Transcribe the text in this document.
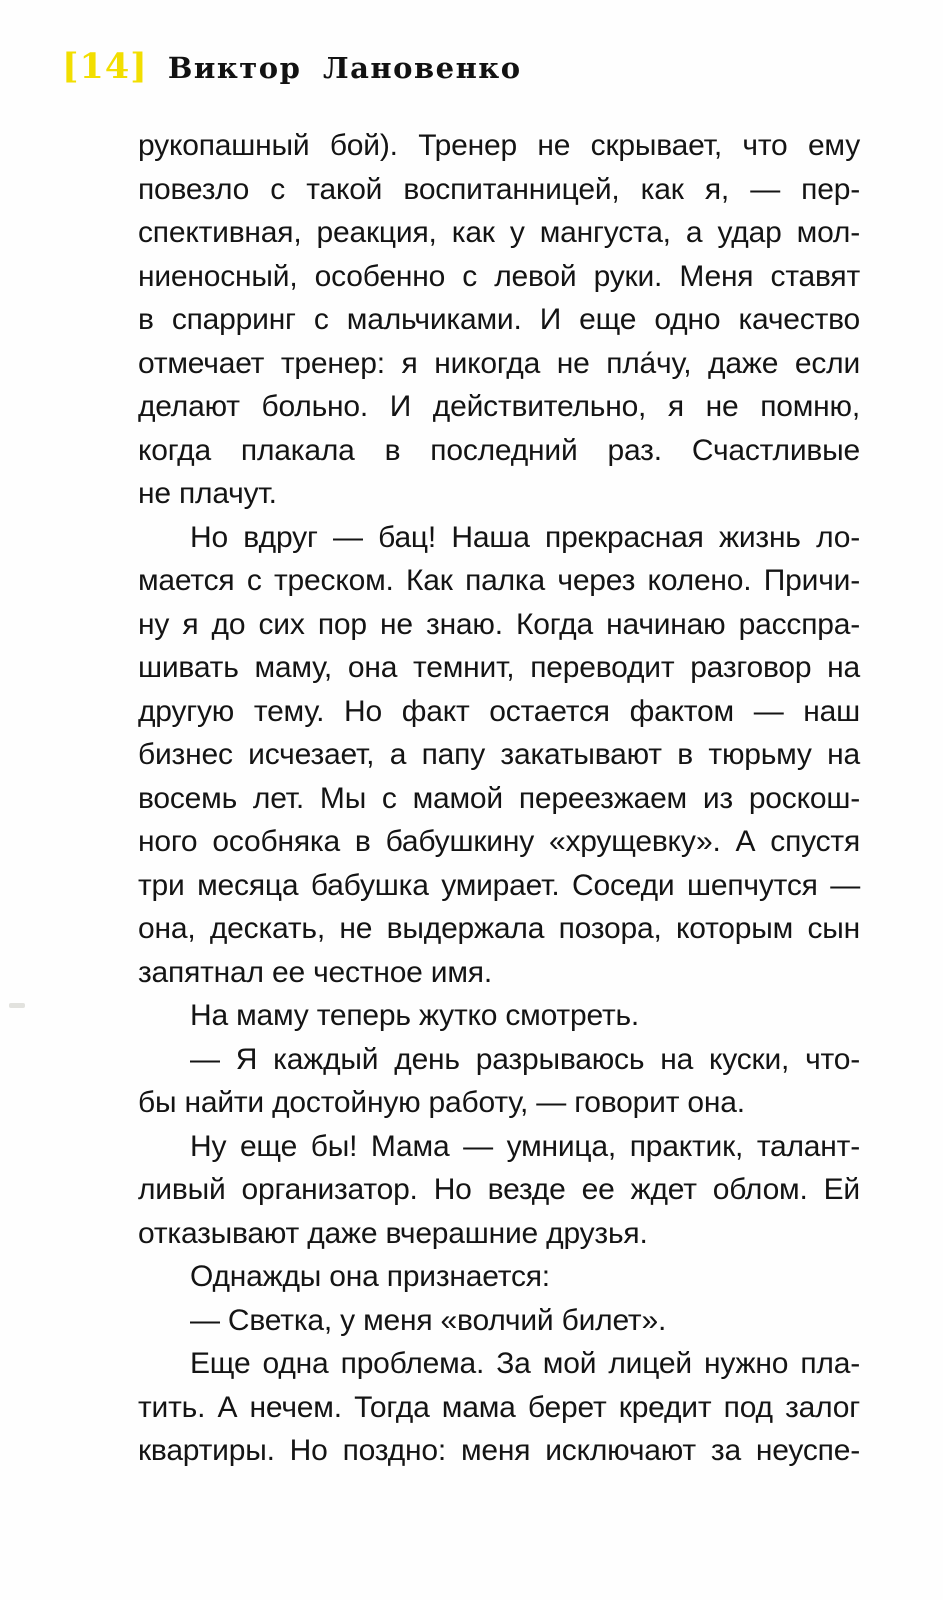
[14] Виктор Лановенко
рукопашный бой). Тренер не скрывает, что ему
повезло с такой воспитанницей, как я, — пер-
спективная, реакция, как у мангуста, а удар мол-
ниеносный, особенно с левой руки. Меня ставят
в спарринг с мальчиками. И еще одно качество
отмечает тренер: я никогда не пла́чу, даже если
делают больно. И действительно, я не помню,
когда плакала в последний раз. Счастливые
не плачут.
Но вдруг — бац! Наша прекрасная жизнь ло-
мается с треском. Как палка через колено. Причи-
ну я до сих пор не знаю. Когда начинаю расспра-
шивать маму, она темнит, переводит разговор на
другую тему. Но факт остается фактом — наш
бизнес исчезает, а папу закатывают в тюрьму на
восемь лет. Мы с мамой переезжаем из роскош-
ного особняка в бабушкину «хрущевку». А спустя
три месяца бабушка умирает. Соседи шепчутся —
она, дескать, не выдержала позора, которым сын
запятнал ее честное имя.
На маму теперь жутко смотреть.
— Я каждый день разрываюсь на куски, что-
бы найти достойную работу, — говорит она.
Ну еще бы! Мама — умница, практик, талант-
ливый организатор. Но везде ее ждет облом. Ей
отказывают даже вчерашние друзья.
Однажды она признается:
— Светка, у меня «волчий билет».
Еще одна проблема. За мой лицей нужно пла-
тить. А нечем. Тогда мама берет кредит под залог
квартиры. Но поздно: меня исключают за неуспе-
